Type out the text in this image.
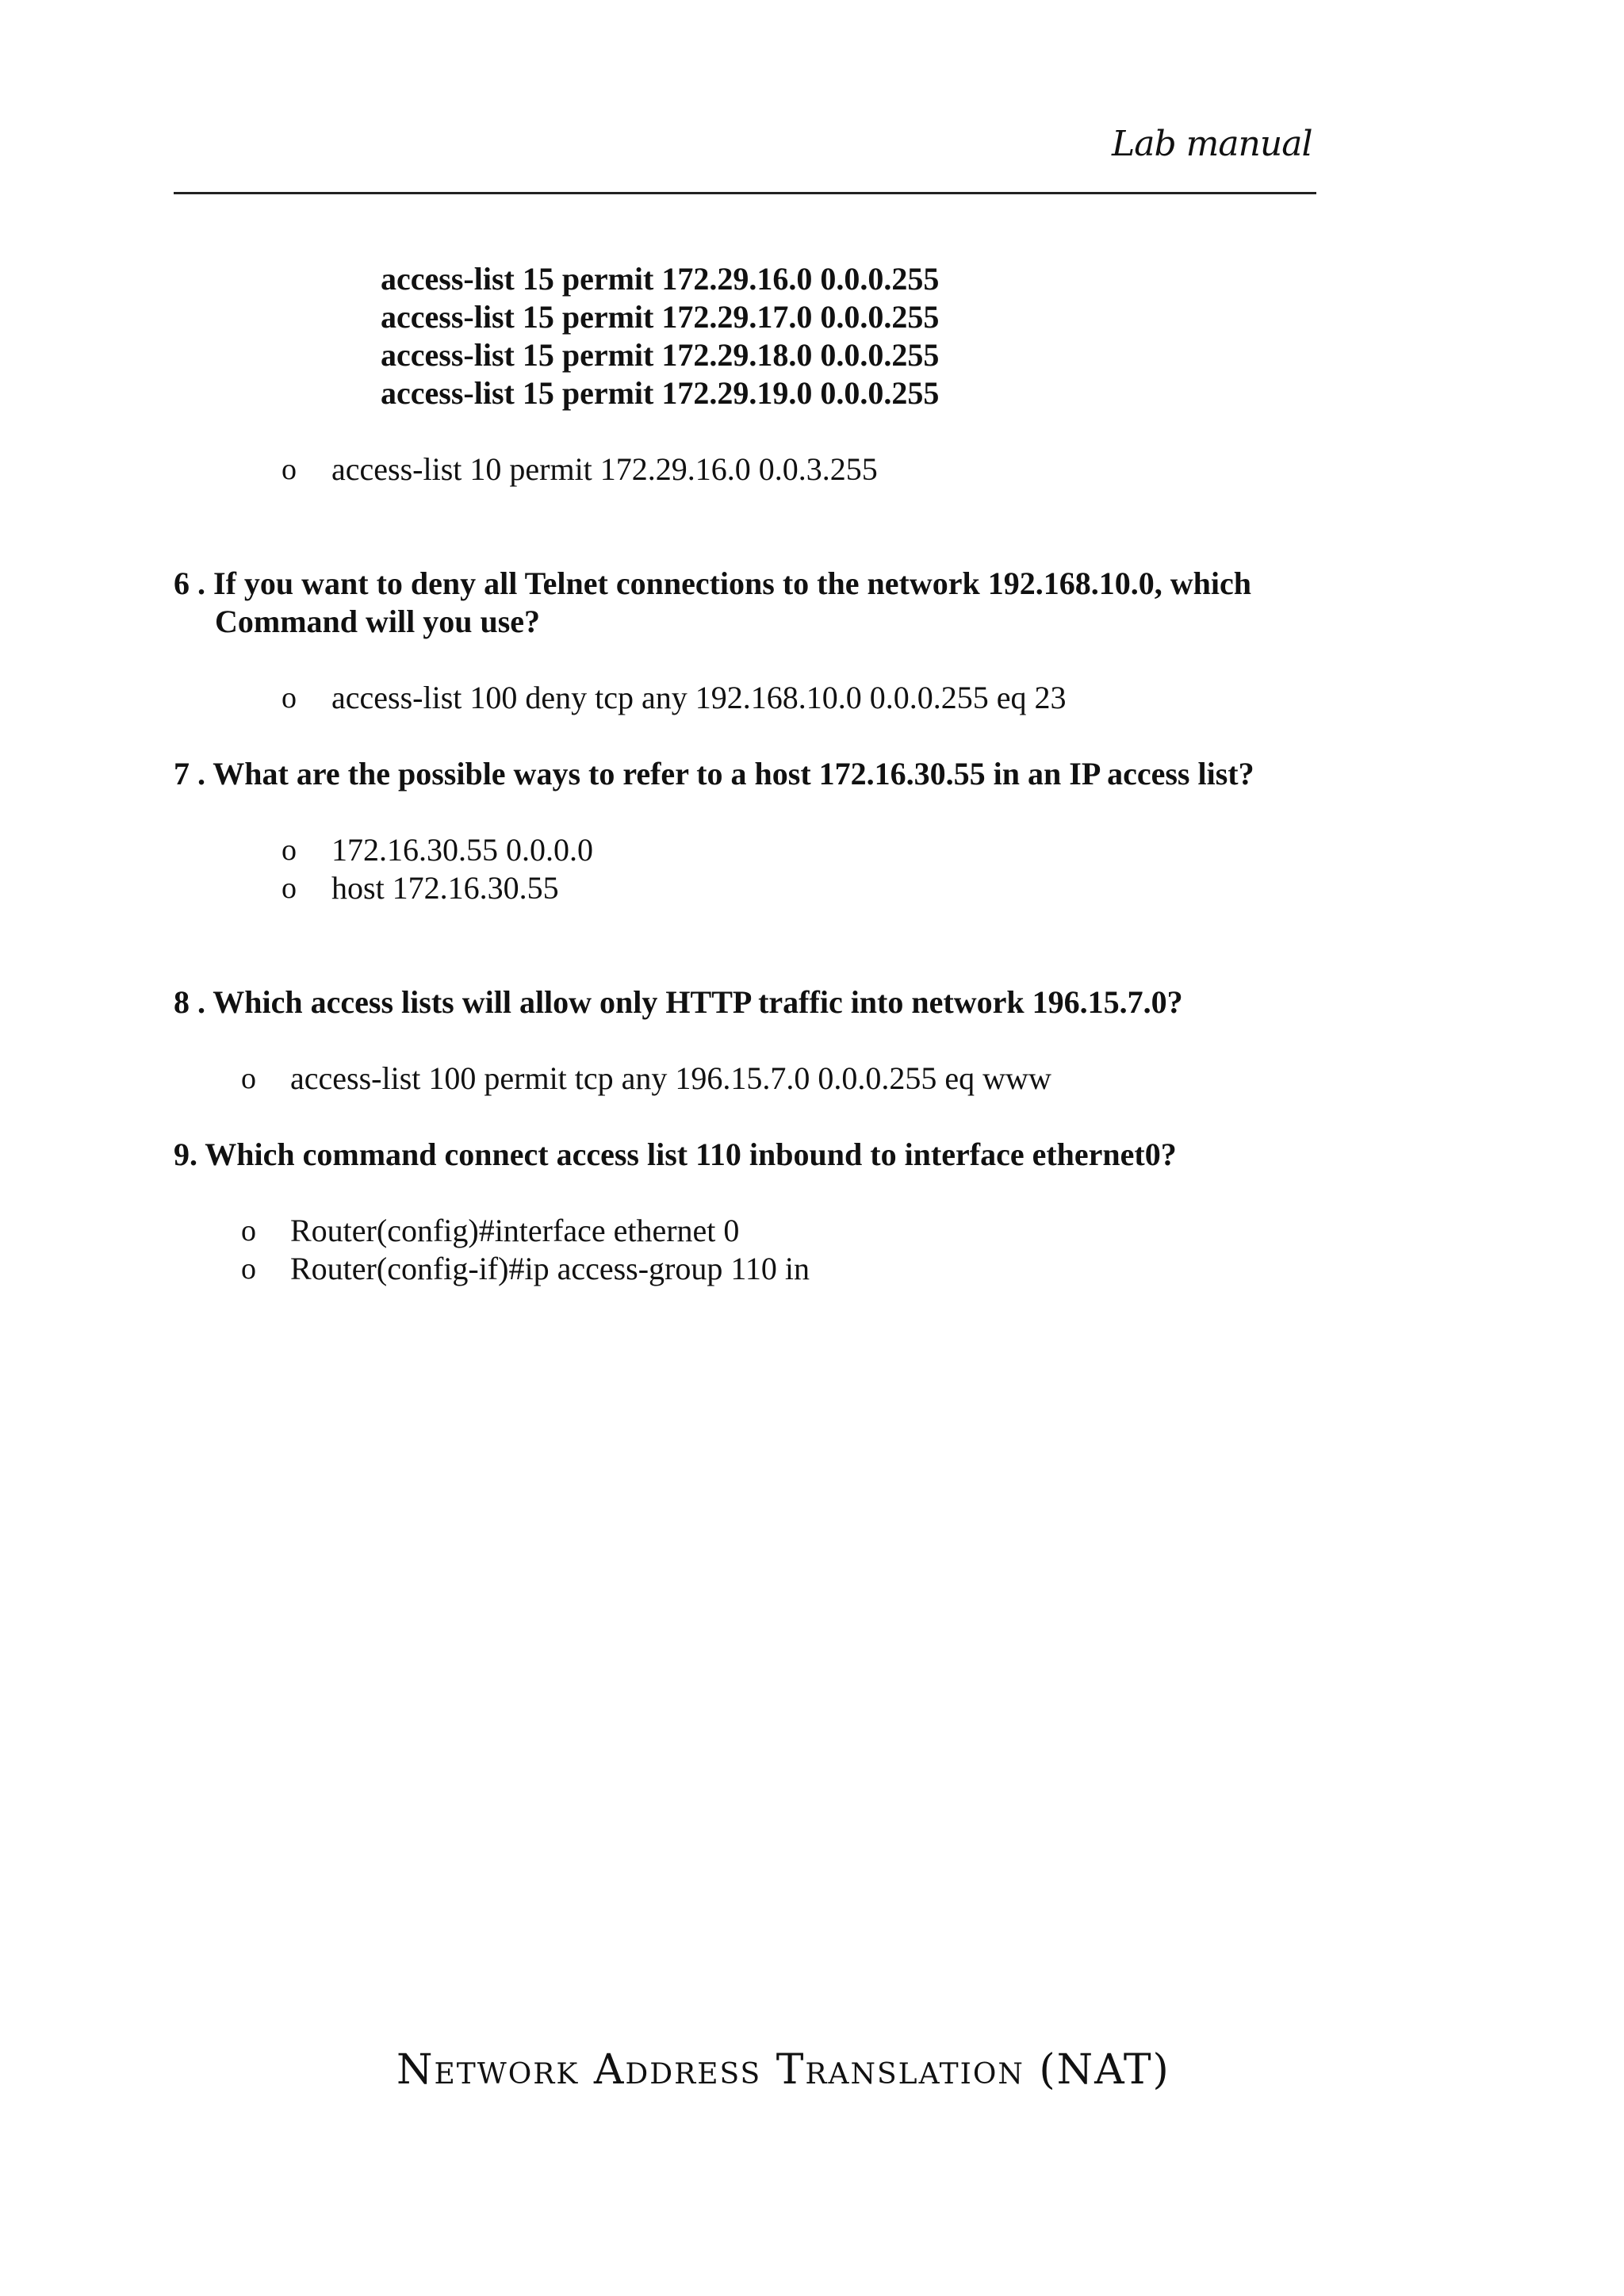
Lab manual
access-list 15 permit 172.29.16.0 0.0.0.255
access-list 15 permit 172.29.17.0 0.0.0.255
access-list 15 permit 172.29.18.0 0.0.0.255
access-list 15 permit 172.29.19.0 0.0.0.255
o access-list 10 permit 172.29.16.0 0.0.3.255
6 . If you want to deny all Telnet connections to the network 192.168.10.0, which
Command will you use?
o access-list 100 deny tcp any 192.168.10.0 0.0.0.255 eq 23
7 . What are the possible ways to refer to a host 172.16.30.55 in an IP access list?
o 172.16.30.55 0.0.0.0
o host 172.16.30.55
8 . Which access lists will allow only HTTP traffic into network 196.15.7.0?
o access-list 100 permit tcp any 196.15.7.0 0.0.0.255 eq www
9. Which command connect access list 110 inbound to interface ethernet0?
o Router(config)#interface ethernet 0
o Router(config-if)#ip access-group 110 in
Network Address Translation (NAT)
